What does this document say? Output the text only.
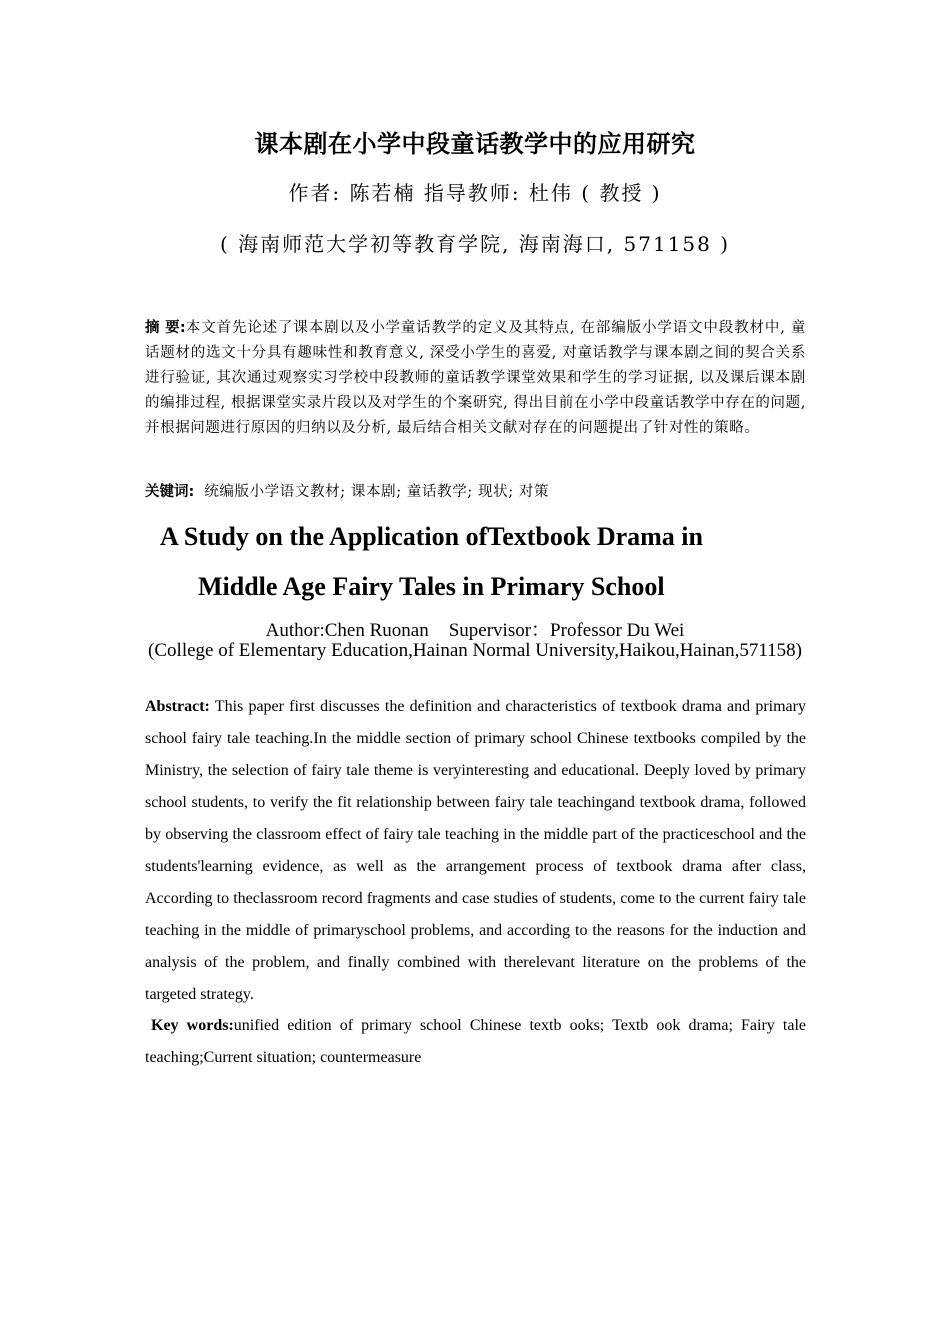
课本剧在小学中段童话教学中的应用研究
作者: 陈若楠 指导教师: 杜伟 ( 教授 )
( 海南师范大学初等教育学院, 海南海口, 571158 )
摘 要:本文首先论述了课本剧以及小学童话教学的定义及其特点, 在部编版小学语文中段教材中, 童话题材的选文十分具有趣味性和教育意义, 深受小学生的喜爱, 对童话教学与课本剧之间的契合关系进行验证, 其次通过观察实习学校中段教师的童话教学课堂效果和学生的学习证据, 以及课后课本剧的编排过程, 根据课堂实录片段以及对学生的个案研究, 得出目前在小学中段童话教学中存在的问题, 并根据问题进行原因的归纳以及分析, 最后结合相关文献对存在的问题提出了针对性的策略。
关键词: 统编版小学语文教材; 课本剧; 童话教学; 现状; 对策
A Study on the Application ofTextbook Drama in
Middle Age Fairy Tales in Primary School
Author:Chen Ruonan Supervisor：Professor Du Wei
(College of Elementary Education,Hainan Normal University,Haikou,Hainan,571158)
Abstract: This paper first discusses the definition and characteristics of textbook drama and primary school fairy tale teaching.In the middle section of primary school Chinese textbooks compiled by the Ministry, the selection of fairy tale theme is veryinteresting and educational. Deeply loved by primary school students, to verify the fit relationship between fairy tale teachingand textbook drama, followed by observing the classroom effect of fairy tale teaching in the middle part of the practiceschool and the students'learning evidence, as well as the arrangement process of textbook drama after class, According to theclassroom record fragments and case studies of students, come to the current fairy tale teaching in the middle of primaryschool problems, and according to the reasons for the induction and analysis of the problem, and finally combined with therelevant literature on the problems of the targeted strategy.
Key words:unified edition of primary school Chinese textb ooks; Textb ook drama; Fairy tale teaching;Current situation; countermeasure
